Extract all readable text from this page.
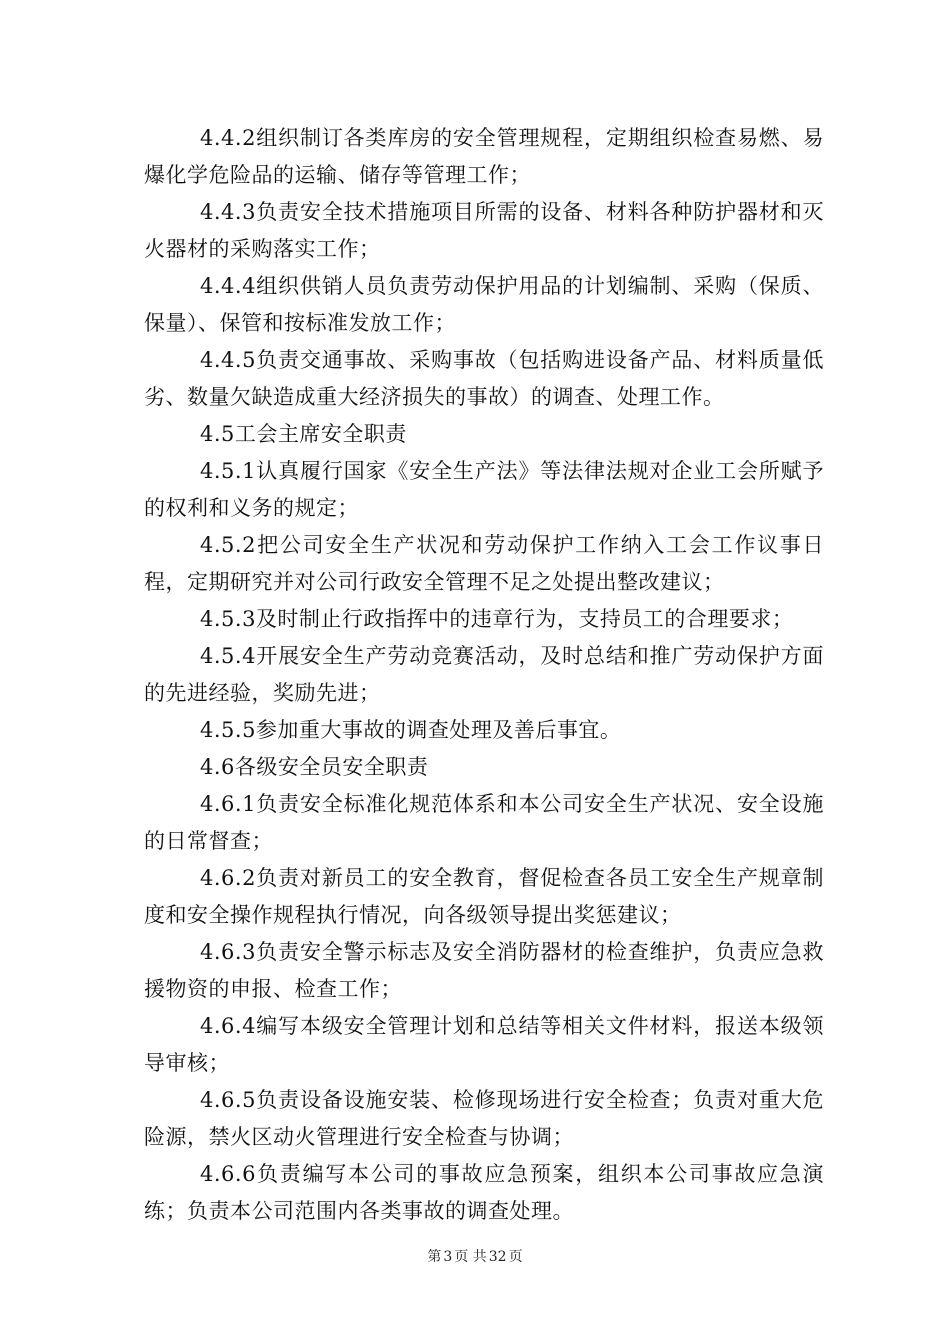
4.4.2组织制订各类库房的安全管理规程，定期组织检查易燃、易爆化学危险品的运输、储存等管理工作；

4.4.3负责安全技术措施项目所需的设备、材料各种防护器材和灭火器材的采购落实工作；

4.4.4组织供销人员负责劳动保护用品的计划编制、采购（保质、保量）、保管和按标准发放工作；

4.4.5负责交通事故、采购事故（包括购进设备产品、材料质量低劣、数量欠缺造成重大经济损失的事故）的调查、处理工作。

4.5工会主席安全职责

4.5.1认真履行国家《安全生产法》等法律法规对企业工会所赋予的权利和义务的规定；

4.5.2把公司安全生产状况和劳动保护工作纳入工会工作议事日程，定期研究并对公司行政安全管理不足之处提出整改建议；

4.5.3及时制止行政指挥中的违章行为，支持员工的合理要求；

4.5.4开展安全生产劳动竞赛活动，及时总结和推广劳动保护方面的先进经验，奖励先进；

4.5.5参加重大事故的调查处理及善后事宜。

4.6各级安全员安全职责

4.6.1负责安全标准化规范体系和本公司安全生产状况、安全设施的日常督查；

4.6.2负责对新员工的安全教育，督促检查各员工安全生产规章制度和安全操作规程执行情况，向各级领导提出奖惩建议；

4.6.3负责安全警示标志及安全消防器材的检查维护，负责应急救援物资的申报、检查工作；

4.6.4编写本级安全管理计划和总结等相关文件材料，报送本级领导审核；

4.6.5负责设备设施安装、检修现场进行安全检查；负责对重大危险源，禁火区动火管理进行安全检查与协调；

4.6.6负责编写本公司的事故应急预案，组织本公司事故应急演练；负责本公司范围内各类事故的调查处理。

第 3 页 共 32 页
